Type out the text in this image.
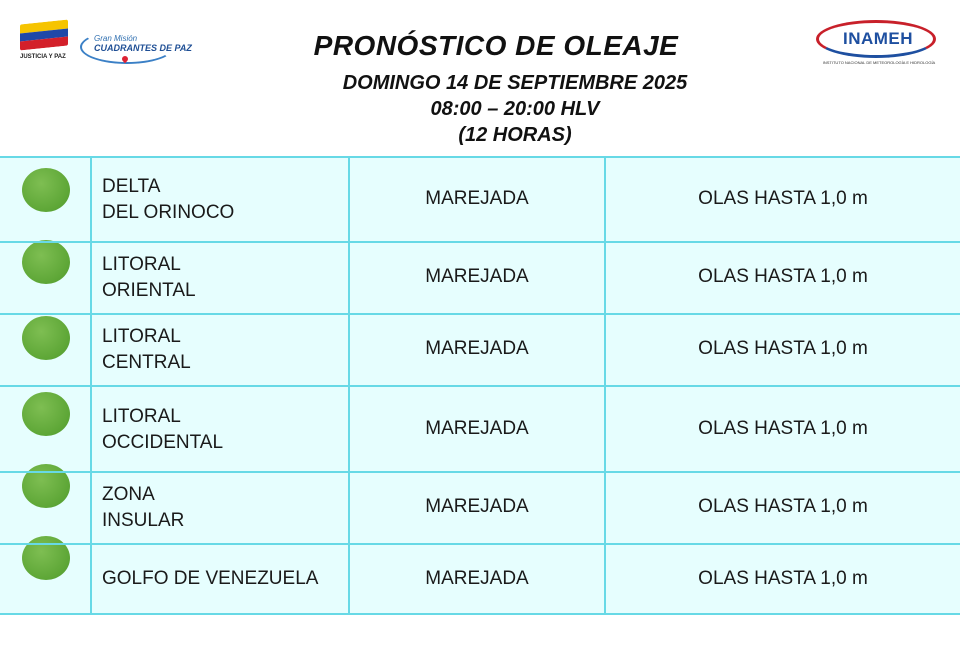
JUSTICIA Y PAZ
Gran Misión
CUADRANTES DE PAZ	PRONÓSTICO DE OLEAJE
DOMINGO 14 DE SEPTIEMBRE 2025
08:00 – 20:00 HLV
(12 HORAS)
INAMEH
INSTITUTO NACIONAL DE METEOROLOGÍA E HIDROLOGÍA
DELTA
DEL ORINOCO
MAREJADA	OLAS HASTA 1,0 m
LITORAL
ORIENTAL
MAREJADA	OLAS HASTA 1,0 m
LITORAL
CENTRAL
MAREJADA	OLAS HASTA 1,0 m
LITORAL
OCCIDENTAL
MAREJADA	OLAS HASTA 1,0 m
ZONA
INSULAR
MAREJADA	OLAS HASTA 1,0 m
GOLFO DE VENEZUELA	MAREJADA	OLAS HASTA 1,0 m
